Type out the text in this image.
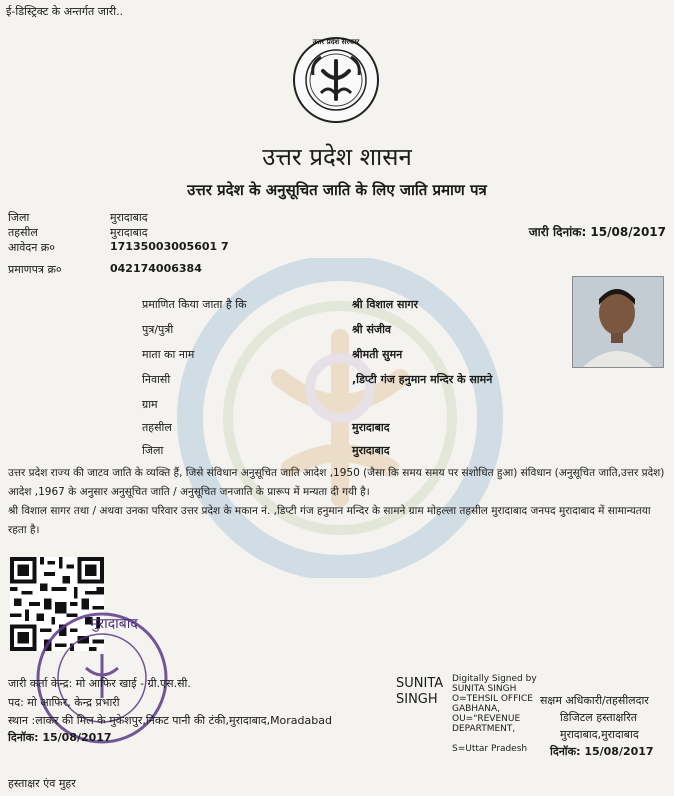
ई-डिस्ट्रिक्ट के अन्तर्गत जारी..
उत्तर प्रदेश सरकार
उत्तर प्रदेश शासन
उत्तर प्रदेश के अनुसूचित जाति के लिए जाति प्रमाण पत्र
जिला	मुरादाबाद
तहसील	मुरादाबाद
आवेदन क्र०	17135003005601 7
प्रमाणपत्र क्र०	042174006384
जारी दिनांक: 15/08/2017
प्रमाणित किया जाता है कि	श्री विशाल सागर
पुत्र/पुत्री	श्री संजीव
माता का नाम	श्रीमती सुमन
निवासी	,डिप्टी गंज हनुमान मन्दिर के सामने
ग्राम
तहसील	मुरादाबाद
जिला	मुरादाबाद
उत्तर प्रदेश राज्य की जाटव जाति के व्यक्ति हैं, जिसे संविधान अनुसूचित जाति आदेश ,1950 (जैसा कि समय समय पर संशोधित हुआ) संविधान (अनुसूचित जाति,उत्तर प्रदेश) आदेश ,1967 के अनुसार अनुसूचित जाति / अनुसूचित जनजाति के प्रारूप में मन्यता दी गयी है।
श्री विशाल सागर तथा / अथवा उनका परिवार उत्तर प्रदेश के मकान नं. ,डिप्टी गंज हनुमान मन्दिर के सामने ग्राम मोहल्ला तहसील मुरादाबाद जनपद मुरादाबाद में सामान्यतया रहता है।
मुरादाबाद
जारी कर्ता केन्द्र: मो आफिर खाई - ग्री.एस.सी.
पद: मो आफिर, केन्द्र प्रभारी
स्थान :लाकर की मिल के मुकेशपुर,निकट पानी की टंकी,मुरादाबाद,Moradabad
दिनॉक: 15/08/2017
SUNITA
SINGH
Digitally Signed by
SUNITA SINGH
O=TEHSIL OFFICE
GABHANA,
OU="REVENUE
DEPARTMENT,
S=Uttar Pradesh
सक्षम अधिकारी/तहसीलदार
डिजिटल हस्ताक्षरित
मुरादाबाद,मुरादाबाद
दिनॉक: 15/08/2017
हस्ताक्षर एंव मुहर
